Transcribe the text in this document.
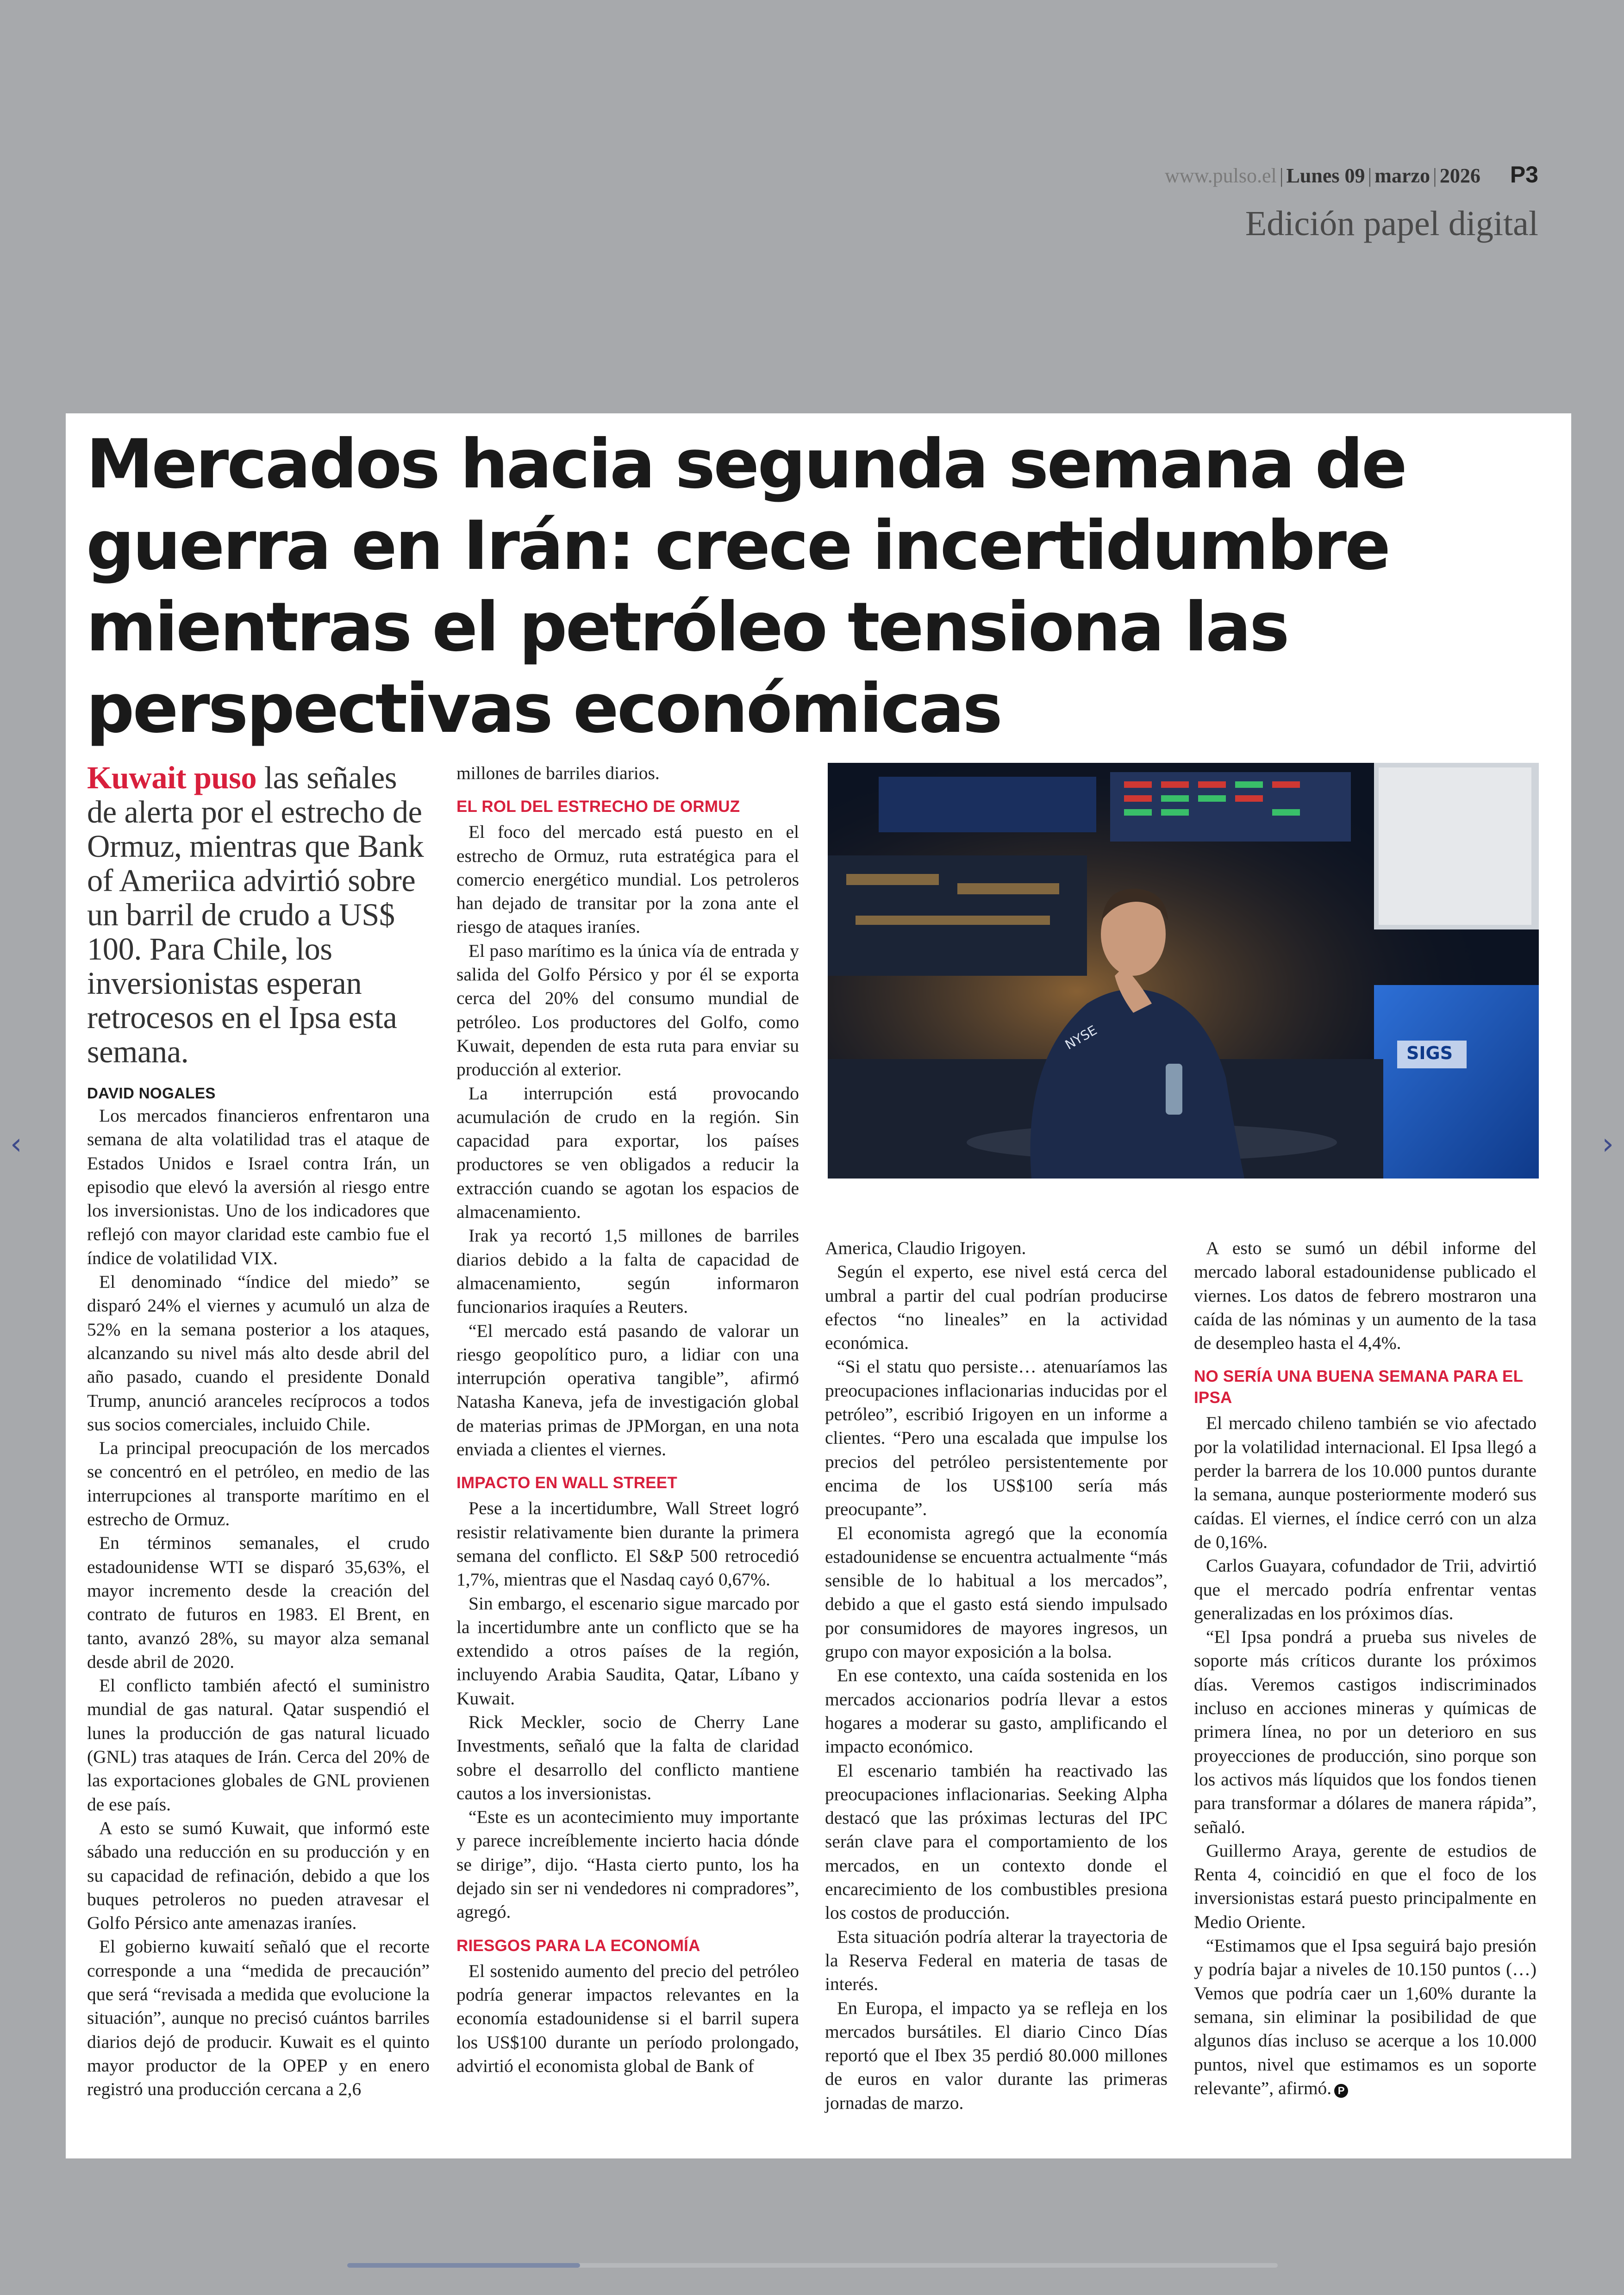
www.pulso.el | Lunes 09 | marzo | 2026 P3
Edición papel digital
‹	›
Mercados hacia segunda semana de guerra en Irán: crece incertidumbre mientras el petróleo tensiona las perspectivas económicas
Kuwait puso las señales de alerta por el estrecho de Ormuz, mientras que Bank of Ameriica advirtió sobre un barril de crudo a US$ 100. Para Chile, los inversionistas esperan retrocesos en el Ipsa esta semana.
DAVID NOGALES

Los mercados financieros enfrentaron una semana de alta volatilidad tras el ataque de Estados Unidos e Israel contra Irán, un episodio que elevó la aversión al riesgo entre los inversionistas. Uno de los indicadores que reflejó con mayor claridad este cambio fue el índice de volatilidad VIX.

El denominado “índice del miedo” se disparó 24% el viernes y acumuló un alza de 52% en la semana posterior a los ataques, alcanzando su nivel más alto desde abril del año pasado, cuando el presidente Donald Trump, anunció aranceles recíprocos a todos sus socios comerciales, incluido Chile.

La principal preocupación de los mercados se concentró en el petróleo, en medio de las interrupciones al transporte marítimo en el estrecho de Ormuz.

En términos semanales, el crudo estadounidense WTI se disparó 35,63%, el mayor incremento desde la creación del contrato de futuros en 1983. El Brent, en tanto, avanzó 28%, su mayor alza semanal desde abril de 2020.

El conflicto también afectó el suministro mundial de gas natural. Qatar suspendió el lunes la producción de gas natural licuado (GNL) tras ataques de Irán. Cerca del 20% de las exportaciones globales de GNL provienen de ese país.

A esto se sumó Kuwait, que informó este sábado una reducción en su producción y en su capacidad de refinación, debido a que los buques petroleros no pueden atravesar el Golfo Pérsico ante amenazas iraníes.

El gobierno kuwaití señaló que el recorte corresponde a una “medida de precaución” que será “revisada a medida que evolucione la situación”, aunque no precisó cuántos barriles diarios dejó de producir. Kuwait es el quinto mayor productor de la OPEP y en enero registró una producción cercana a 2,6

millones de barriles diarios.

EL ROL DEL ESTRECHO DE ORMUZ

El foco del mercado está puesto en el estrecho de Ormuz, ruta estratégica para el comercio energético mundial. Los petroleros han dejado de transitar por la zona ante el riesgo de ataques iraníes.

El paso marítimo es la única vía de entrada y salida del Golfo Pérsico y por él se exporta cerca del 20% del consumo mundial de petróleo. Los productores del Golfo, como Kuwait, dependen de esta ruta para enviar su producción al exterior.

La interrupción está provocando acumulación de crudo en la región. Sin capacidad para exportar, los países productores se ven obligados a reducir la extracción cuando se agotan los espacios de almacenamiento.

Irak ya recortó 1,5 millones de barriles diarios debido a la falta de capacidad de almacenamiento, según informaron funcionarios iraquíes a Reuters.

“El mercado está pasando de valorar un riesgo geopolítico puro, a lidiar con una interrupción operativa tangible”, afirmó Natasha Kaneva, jefa de investigación global de materias primas de JPMorgan, en una nota enviada a clientes el viernes.

IMPACTO EN WALL STREET

Pese a la incertidumbre, Wall Street logró resistir relativamente bien durante la primera semana del conflicto. El S&P 500 retrocedió 1,7%, mientras que el Nasdaq cayó 0,67%.

Sin embargo, el escenario sigue marcado por la incertidumbre ante un conflicto que se ha extendido a otros países de la región, incluyendo Arabia Saudita, Qatar, Líbano y Kuwait.

Rick Meckler, socio de Cherry Lane Investments, señaló que la falta de claridad sobre el desarrollo del conflicto mantiene cautos a los inversionistas.

“Este es un acontecimiento muy importante y parece increíblemente incierto hacia dónde se dirige”, dijo. “Hasta cierto punto, los ha dejado sin ser ni vendedores ni compradores”, agregó.

RIESGOS PARA LA ECONOMÍA

El sostenido aumento del precio del petróleo podría generar impactos relevantes en la economía estadounidense si el barril supera los US$100 durante un período prolongado, advirtió el economista global de Bank of

NYSE
SIGS

America, Claudio Irigoyen.

Según el experto, ese nivel está cerca del umbral a partir del cual podrían producirse efectos “no lineales” en la actividad económica.

“Si el statu quo persiste… atenuaríamos las preocupaciones inflacionarias inducidas por el petróleo”, escribió Irigoyen en un informe a clientes. “Pero una escalada que impulse los precios del petróleo persistentemente por encima de los US$100 sería más preocupante”.

El economista agregó que la economía estadounidense se encuentra actualmente “más sensible de lo habitual a los mercados”, debido a que el gasto está siendo impulsado por consumidores de mayores ingresos, un grupo con mayor exposición a la bolsa.

En ese contexto, una caída sostenida en los mercados accionarios podría llevar a estos hogares a moderar su gasto, amplificando el impacto económico.

El escenario también ha reactivado las preocupaciones inflacionarias. Seeking Alpha destacó que las próximas lecturas del IPC serán clave para el comportamiento de los mercados, en un contexto donde el encarecimiento de los combustibles presiona los costos de producción.

Esta situación podría alterar la trayectoria de la Reserva Federal en materia de tasas de interés.

En Europa, el impacto ya se refleja en los mercados bursátiles. El diario Cinco Días reportó que el Ibex 35 perdió 80.000 millones de euros en valor durante las primeras jornadas de marzo.

A esto se sumó un débil informe del mercado laboral estadounidense publicado el viernes. Los datos de febrero mostraron una caída de las nóminas y un aumento de la tasa de desempleo hasta el 4,4%.

NO SERÍA UNA BUENA SEMANA PARA EL IPSA

El mercado chileno también se vio afectado por la volatilidad internacional. El Ipsa llegó a perder la barrera de los 10.000 puntos durante la semana, aunque posteriormente moderó sus caídas. El viernes, el índice cerró con un alza de 0,16%.

Carlos Guayara, cofundador de Trii, advirtió que el mercado podría enfrentar ventas generalizadas en los próximos días.

“El Ipsa pondrá a prueba sus niveles de soporte más críticos durante los próximos días. Veremos castigos indiscriminados incluso en acciones mineras y químicas de primera línea, no por un deterioro en sus proyecciones de producción, sino porque son los activos más líquidos que los fondos tienen para transformar a dólares de manera rápida”, señaló.

Guillermo Araya, gerente de estudios de Renta 4, coincidió en que el foco de los inversionistas estará puesto principalmente en Medio Oriente.

“Estimamos que el Ipsa seguirá bajo presión y podría bajar a niveles de 10.150 puntos (…) Vemos que podría caer un 1,60% durante la semana, sin eliminar la posibilidad de que algunos días incluso se acerque a los 10.000 puntos, nivel que estimamos es un soporte relevante”, afirmó. P
